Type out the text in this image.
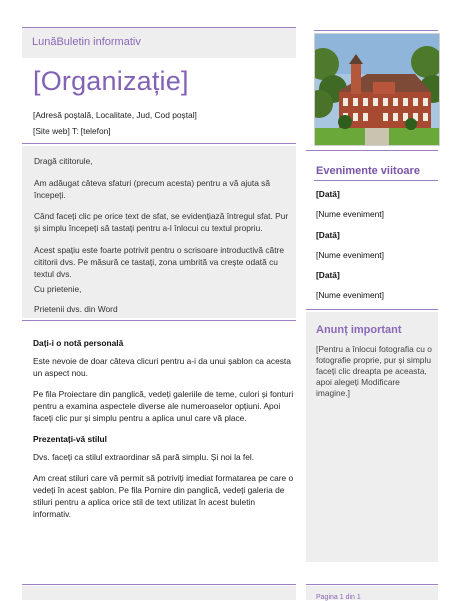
LunăBuletin informativ
[Organizație]
[Adresă poștală, Localitate, Jud, Cod poștal]
[Site web] T: [telefon]

Dragă cititorule,

Am adăugat câteva sfaturi (precum acesta) pentru a vă ajuta să începeți.

Când faceți clic pe orice text de sfat, se evidențiază întregul sfat. Pur și simplu începeți să tastați pentru a-l înlocui cu textul propriu.

Acest spațiu este foarte potrivit pentru o scrisoare introductivă către cititorii dvs. Pe măsură ce tastați, zona umbrită va crește odată cu textul dvs.

Cu prietenie,

Prietenii dvs. din Word

Dați-i o notă personală

Este nevoie de doar câteva clicuri pentru a-i da unui șablon ca acesta un aspect nou.

Pe fila Proiectare din panglică, vedeți galeriile de teme, culori și fonturi pentru a examina aspectele diverse ale numeroaselor opțiuni. Apoi faceți clic pur și simplu pentru a aplica unul care vă place.

Prezentați-vă stilul

Dvs. faceți ca stilul extraordinar să pară simplu. Și noi la fel.

Am creat stiluri care vă permit să potriviți imediat formatarea pe care o vedeți în acest șablon. Pe fila Pornire din panglică, vedeți galeria de stiluri pentru a aplica orice stil de text utilizat în acest buletin informativ.

Evenimente viitoare

[Dată]

[Nume eveniment]

[Dată]

[Nume eveniment]

[Dată]

[Nume eveniment]

Anunț important

[Pentru a înlocui fotografia cu o fotografie proprie, pur și simplu faceți clic dreapta pe aceasta, apoi alegeți Modificare imagine.]

Pagina 1 din 1
